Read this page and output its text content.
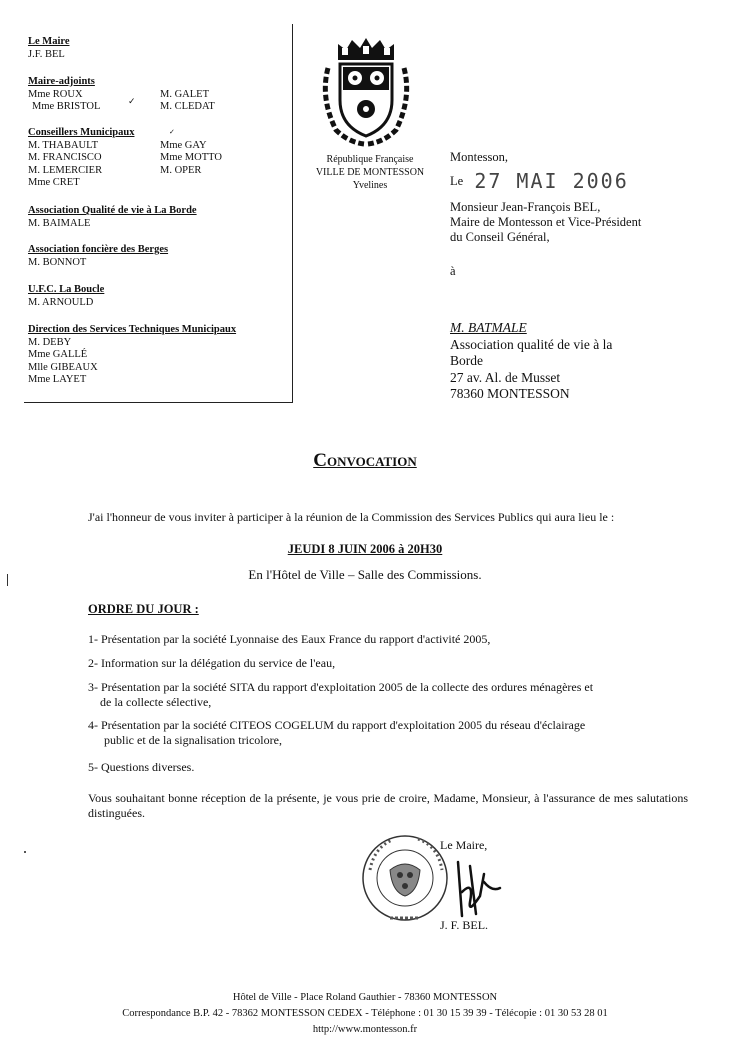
Le Maire
J.F. BEL
Maire-adjoints
Mme ROUX	M. GALET
Mme BRISTOL	M. CLEDAT
✓
Conseillers Municipaux
M. THABAULT	Mme GAY
M. FRANCISCO	Mme MOTTO
M. LEMERCIER	M. OPER
Mme CRET
✓
Association Qualité de vie à La Borde
M. BAIMALE
Association foncière des Berges
M. BONNOT
U.F.C. La Boucle
M. ARNOULD
Direction des Services Techniques Municipaux
M. DEBY
Mme GALLÉ
Mlle GIBEAUX
Mme LAYET
République Française
VILLE DE MONTESSON
Yvelines
Montesson,
Le 27 MAI 2006
Monsieur Jean-François BEL,
Maire de Montesson et Vice-Président
du Conseil Général,
à
M. BATMALE
Association qualité de vie à la
Borde
27 av. Al. de Musset
78360 MONTESSON
Convocation
J'ai l'honneur de vous inviter à participer à la réunion de la Commission des Services Publics qui aura lieu le :
JEUDI 8 JUIN 2006 à 20H30
En l'Hôtel de Ville – Salle des Commissions.
ORDRE DU JOUR :
1- Présentation par la société Lyonnaise des Eaux France du rapport d'activité 2005,
2- Information sur la délégation du service de l'eau,
3- Présentation par la société SITA du rapport d'exploitation 2005 de la collecte des ordures ménagères et
de la collecte sélective,
4- Présentation par la société CITEOS COGELUM du rapport d'exploitation 2005 du réseau d'éclairage
public et de la signalisation tricolore,
5- Questions diverses.
Vous souhaitant bonne réception de la présente, je vous prie de croire, Madame, Monsieur, à l'assurance de mes salutations distinguées.
Le Maire,
J. F. BEL.
Hôtel de Ville - Place Roland Gauthier - 78360 MONTESSON
Correspondance B.P. 42 - 78362 MONTESSON CEDEX - Téléphone : 01 30 15 39 39 - Télécopie : 01 30 53 28 01
http://www.montesson.fr
